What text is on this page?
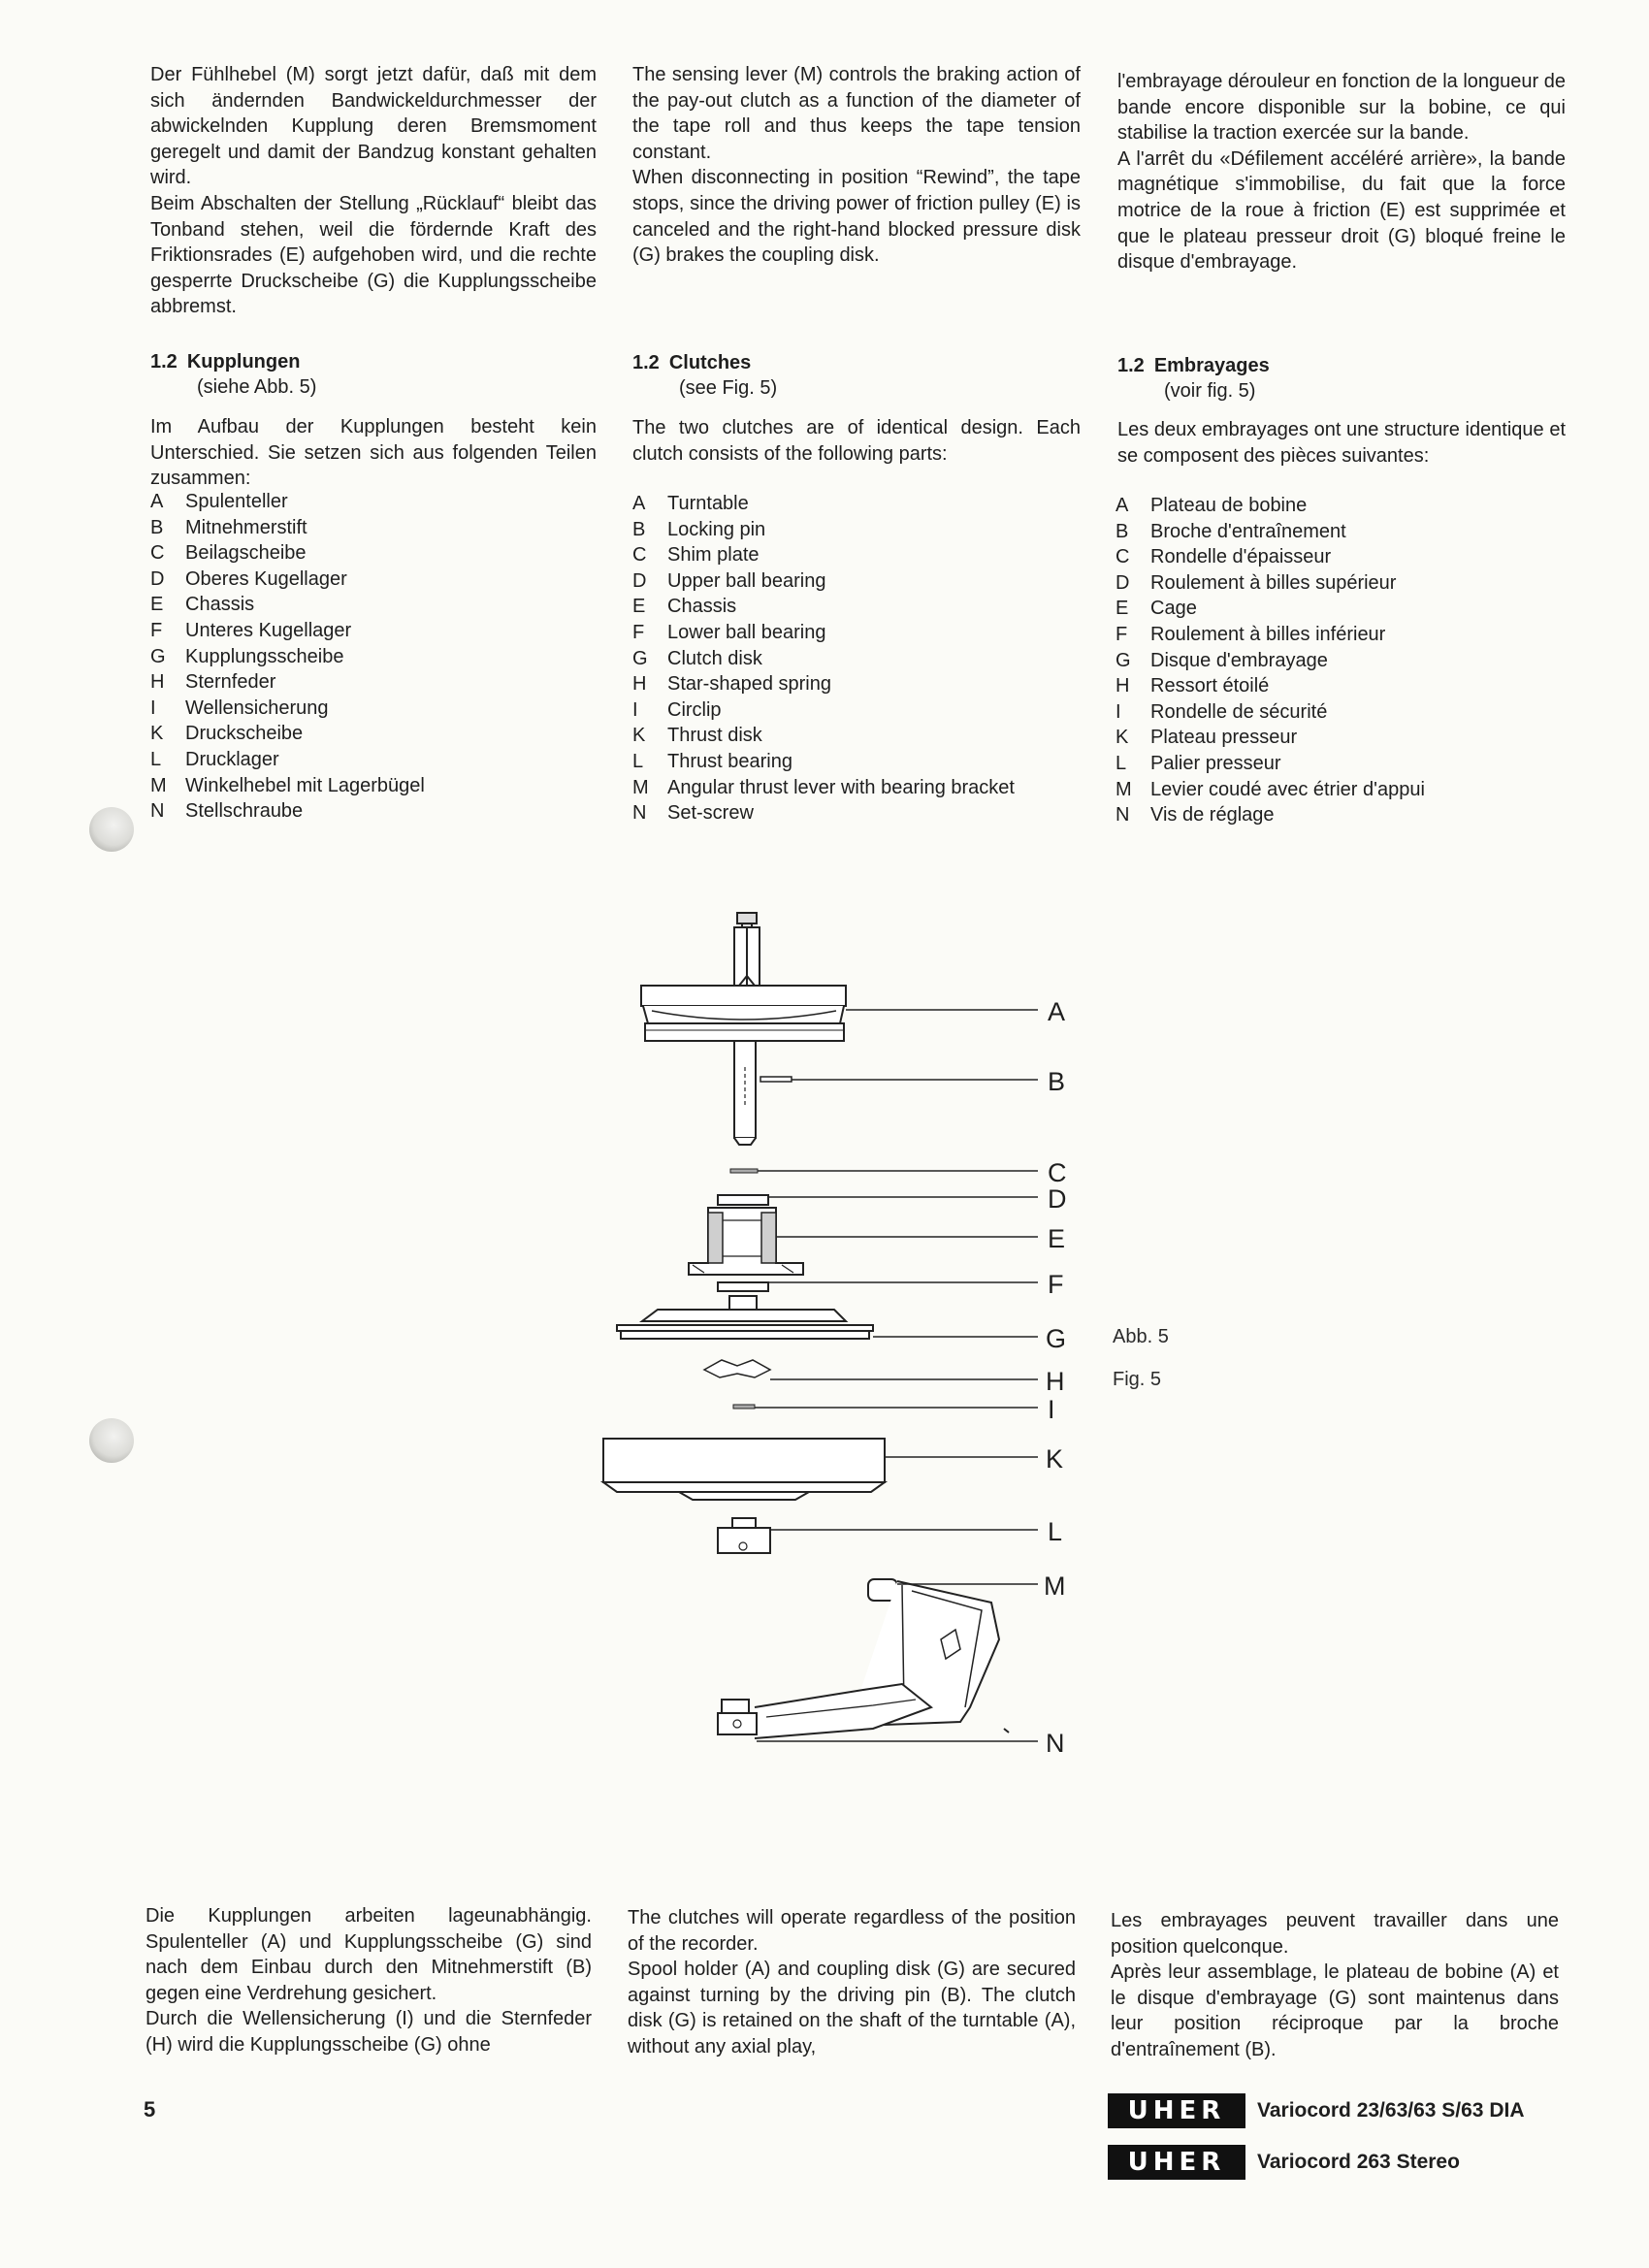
Der Fühlhebel (M) sorgt jetzt dafür, daß mit dem sich ändernden Bandwickeldurchmesser der abwickelnden Kupplung deren Bremsmoment geregelt und damit der Bandzug konstant gehalten wird.

Beim Abschalten der Stellung „Rücklauf“ bleibt das Tonband stehen, weil die fördernde Kraft des Friktionsrades (E) aufgehoben wird, und die rechte gesperrte Druckscheibe (G) die Kupplungsscheibe abbremst.

The sensing lever (M) controls the braking action of the pay-out clutch as a function of the diameter of the tape roll and thus keeps the tape tension constant.

When disconnecting in position “Rewind”, the tape stops, since the driving power of friction pulley (E) is canceled and the right-hand blocked pressure disk (G) brakes the coupling disk.

l'embrayage dérouleur en fonction de la longueur de bande encore disponible sur la bobine, ce qui stabilise la traction exercée sur la bande.

A l'arrêt du «Défilement accéléré arrière», la bande magnétique s'immobilise, du fait que la force motrice de la roue à friction (E) est supprimée et que le plateau presseur droit (G) bloqué freine le disque d'embrayage.

1.2 Kupplungen
(siehe Abb. 5)
1.2 Clutches
(see Fig. 5)
1.2 Embrayages
(voir fig. 5)
Im Aufbau der Kupplungen besteht kein Unterschied. Sie setzen sich aus folgenden Teilen zusammen:
The two clutches are of identical design. Each clutch consists of the following parts:
Les deux embrayages ont une structure identique et se composent des pièces suivantes:
A	Spulenteller
B	Mitnehmerstift
C	Beilagscheibe
D	Oberes Kugellager
E	Chassis
F	Unteres Kugellager
G	Kupplungsscheibe
H	Sternfeder
I	Wellensicherung
K	Druckscheibe
L	Drucklager
M Winkelhebel mit Lagerbügel
N	Stellschraube
A	Turntable
B	Locking pin
C	Shim plate
D	Upper ball bearing
E	Chassis
F	Lower ball bearing
G	Clutch disk
H	Star-shaped spring
I	Circlip
K	Thrust disk
L	Thrust bearing
M Angular thrust lever with bearing bracket
N	Set-screw
A	Plateau de bobine
B	Broche d'entraînement
C	Rondelle d'épaisseur
D	Roulement à billes supérieur
E	Cage
F	Roulement à billes inférieur
G	Disque d'embrayage
H	Ressort étoilé
I	Rondelle de sécurité
K	Plateau presseur
L	Palier presseur
M Levier coudé avec étrier d'appui
N	Vis de réglage
A
B
C
D
E
F
G
H
I
K
L
M
N
Abb. 5
Fig. 5

Die Kupplungen arbeiten lageunabhängig. Spulenteller (A) und Kupplungsscheibe (G) sind nach dem Einbau durch den Mitnehmerstift (B) gegen eine Verdrehung gesichert.

Durch die Wellensicherung (I) und die Sternfeder (H) wird die Kupplungsscheibe (G) ohne

The clutches will operate regardless of the position of the recorder.

Spool holder (A) and coupling disk (G) are secured against turning by the driving pin (B). The clutch disk (G) is retained on the shaft of the turntable (A), without any axial play,

Les embrayages peuvent travailler dans une position quelconque.

Après leur assemblage, le plateau de bobine (A) et le disque d'embrayage (G) sont maintenus dans leur position réciproque par la broche d'entraînement (B).

5	UHER	Variocord 23/63/63 S/63 DIA
UHER	Variocord 263 Stereo
